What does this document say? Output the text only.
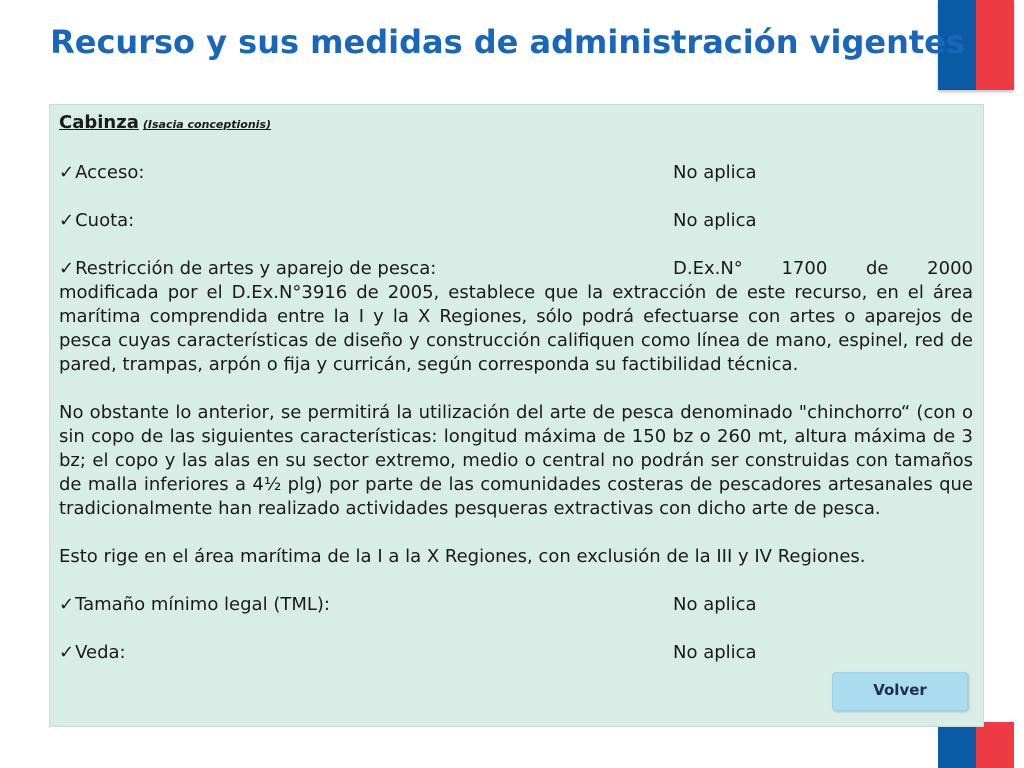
Recurso y sus medidas de administración vigentes
Cabinza (Isacia conceptionis)
✓Acceso:	No aplica
✓Cuota:	No aplica
✓Restricción de artes y aparejo de pesca:	D.Ex.N° 1700 de 2000
modificada por el D.Ex.N°3916 de 2005, establece que la extracción de este recurso, en el área marítima comprendida entre la I y la X Regiones, sólo podrá efectuarse con artes o aparejos de pesca cuyas características de diseño y construcción califiquen como línea de mano, espinel, red de pared, trampas, arpón o fija y curricán, según corresponda su factibilidad técnica.

No obstante lo anterior, se permitirá la utilización del arte de pesca denominado "chinchorro“ (con o sin copo de las siguientes características: longitud máxima de 150 bz o 260 mt, altura máxima de 3 bz; el copo y las alas en su sector extremo, medio o central no podrán ser construidas con tamaños de malla inferiores a 4½ plg) por parte de las comunidades costeras de pescadores artesanales que tradicionalmente han realizado actividades pesqueras extractivas con dicho arte de pesca.

Esto rige en el área marítima de la I a la X Regiones, con exclusión de la III y IV Regiones.

✓Tamaño mínimo legal (TML):	No aplica
✓Veda:	No aplica
Volver
